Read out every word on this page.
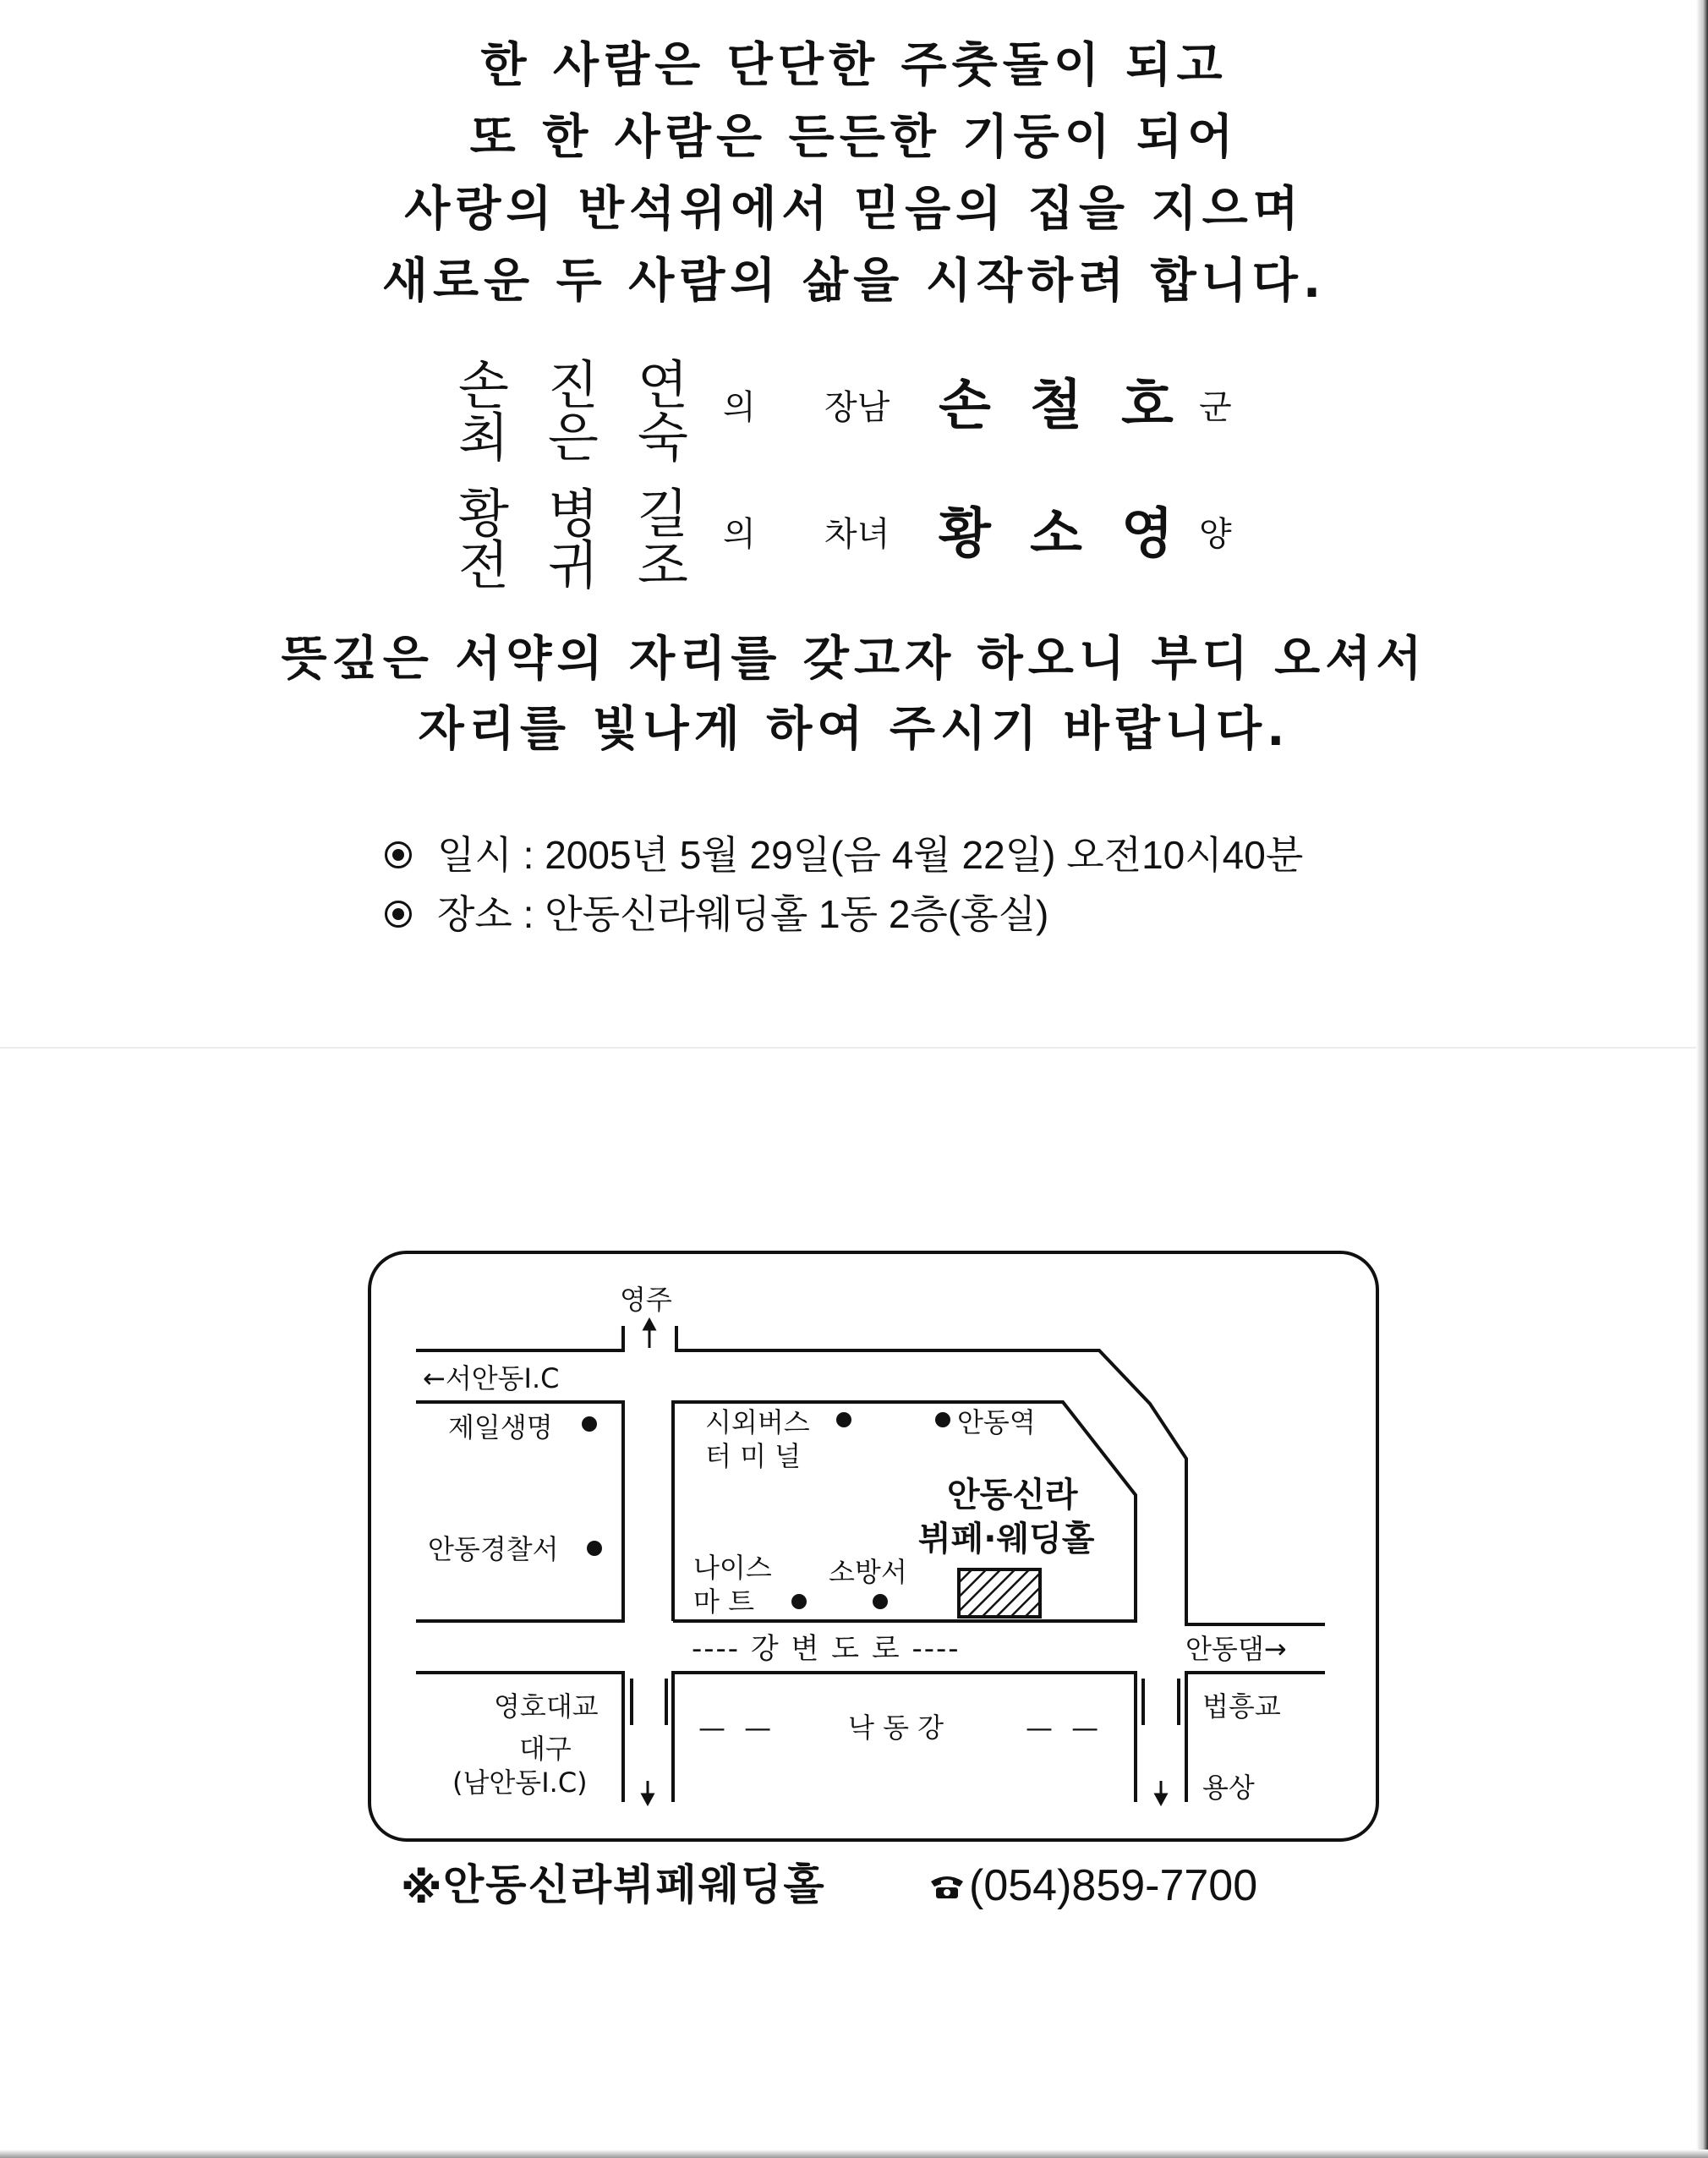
한 사람은 단단한 주춧돌이 되고
또 한 사람은 든든한 기둥이 되어
사랑의 반석위에서 믿음의 집을 지으며
새로운 두 사람의 삶을 시작하려 합니다.
손 진 연
최 은 숙 의 장남 손 철 호 군
황 병 길
전 귀 조 의 차녀 황 소 영 양
뜻깊은 서약의 자리를 갖고자 하오니 부디 오셔서
자리를 빛나게 하여 주시기 바랍니다.
일시 : 2005년 5월 29일(음 4월 22일) 오전10시40분
장소 : 안동신라웨딩홀 1동 2층(홍실)
영주
←서안동I.C
제일생명
안동경찰서
시외버스
터 미 널
안동역
안동신라
뷔페·웨딩홀
나이스
마 트
소방서
---- 강 변 도 로 ----	안동댐→
영호대교
대구
(남안동I.C)
— —	낙 동 강	— —
법흥교
용상
※ 안동신라뷔페웨딩홀	(054)859-7700
